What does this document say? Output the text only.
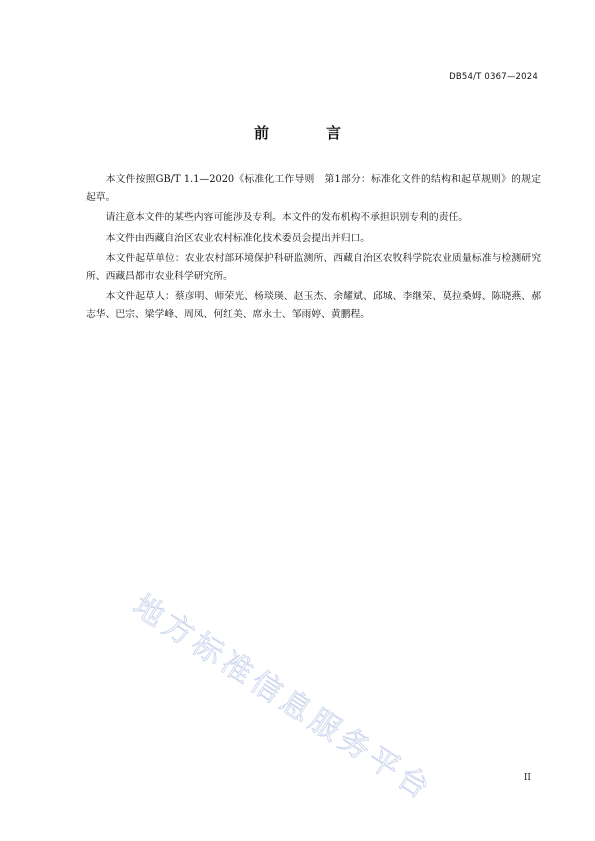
DB54/T 0367—2024
前　言

本文件按照GB/T 1.1—2020《标准化工作导则　第1部分：标准化文件的结构和起草规则》的规定起草。

请注意本文件的某些内容可能涉及专利。本文件的发布机构不承担识别专利的责任。

本文件由西藏自治区农业农村标准化技术委员会提出并归口。

本文件起草单位：农业农村部环境保护科研监测所、西藏自治区农牧科学院农业质量标准与检测研究所、西藏昌都市农业科学研究所。

本文件起草人：蔡彦明、师荣光、杨琰瑛、赵玉杰、余耀斌、邱城、李继荣、莫拉桑姆、陈晓燕、郝志华、巴宗、梁学峰、周凤、何红美、席永士、邹雨婷、黄鹏程。

地方标准信息服务平台	II
